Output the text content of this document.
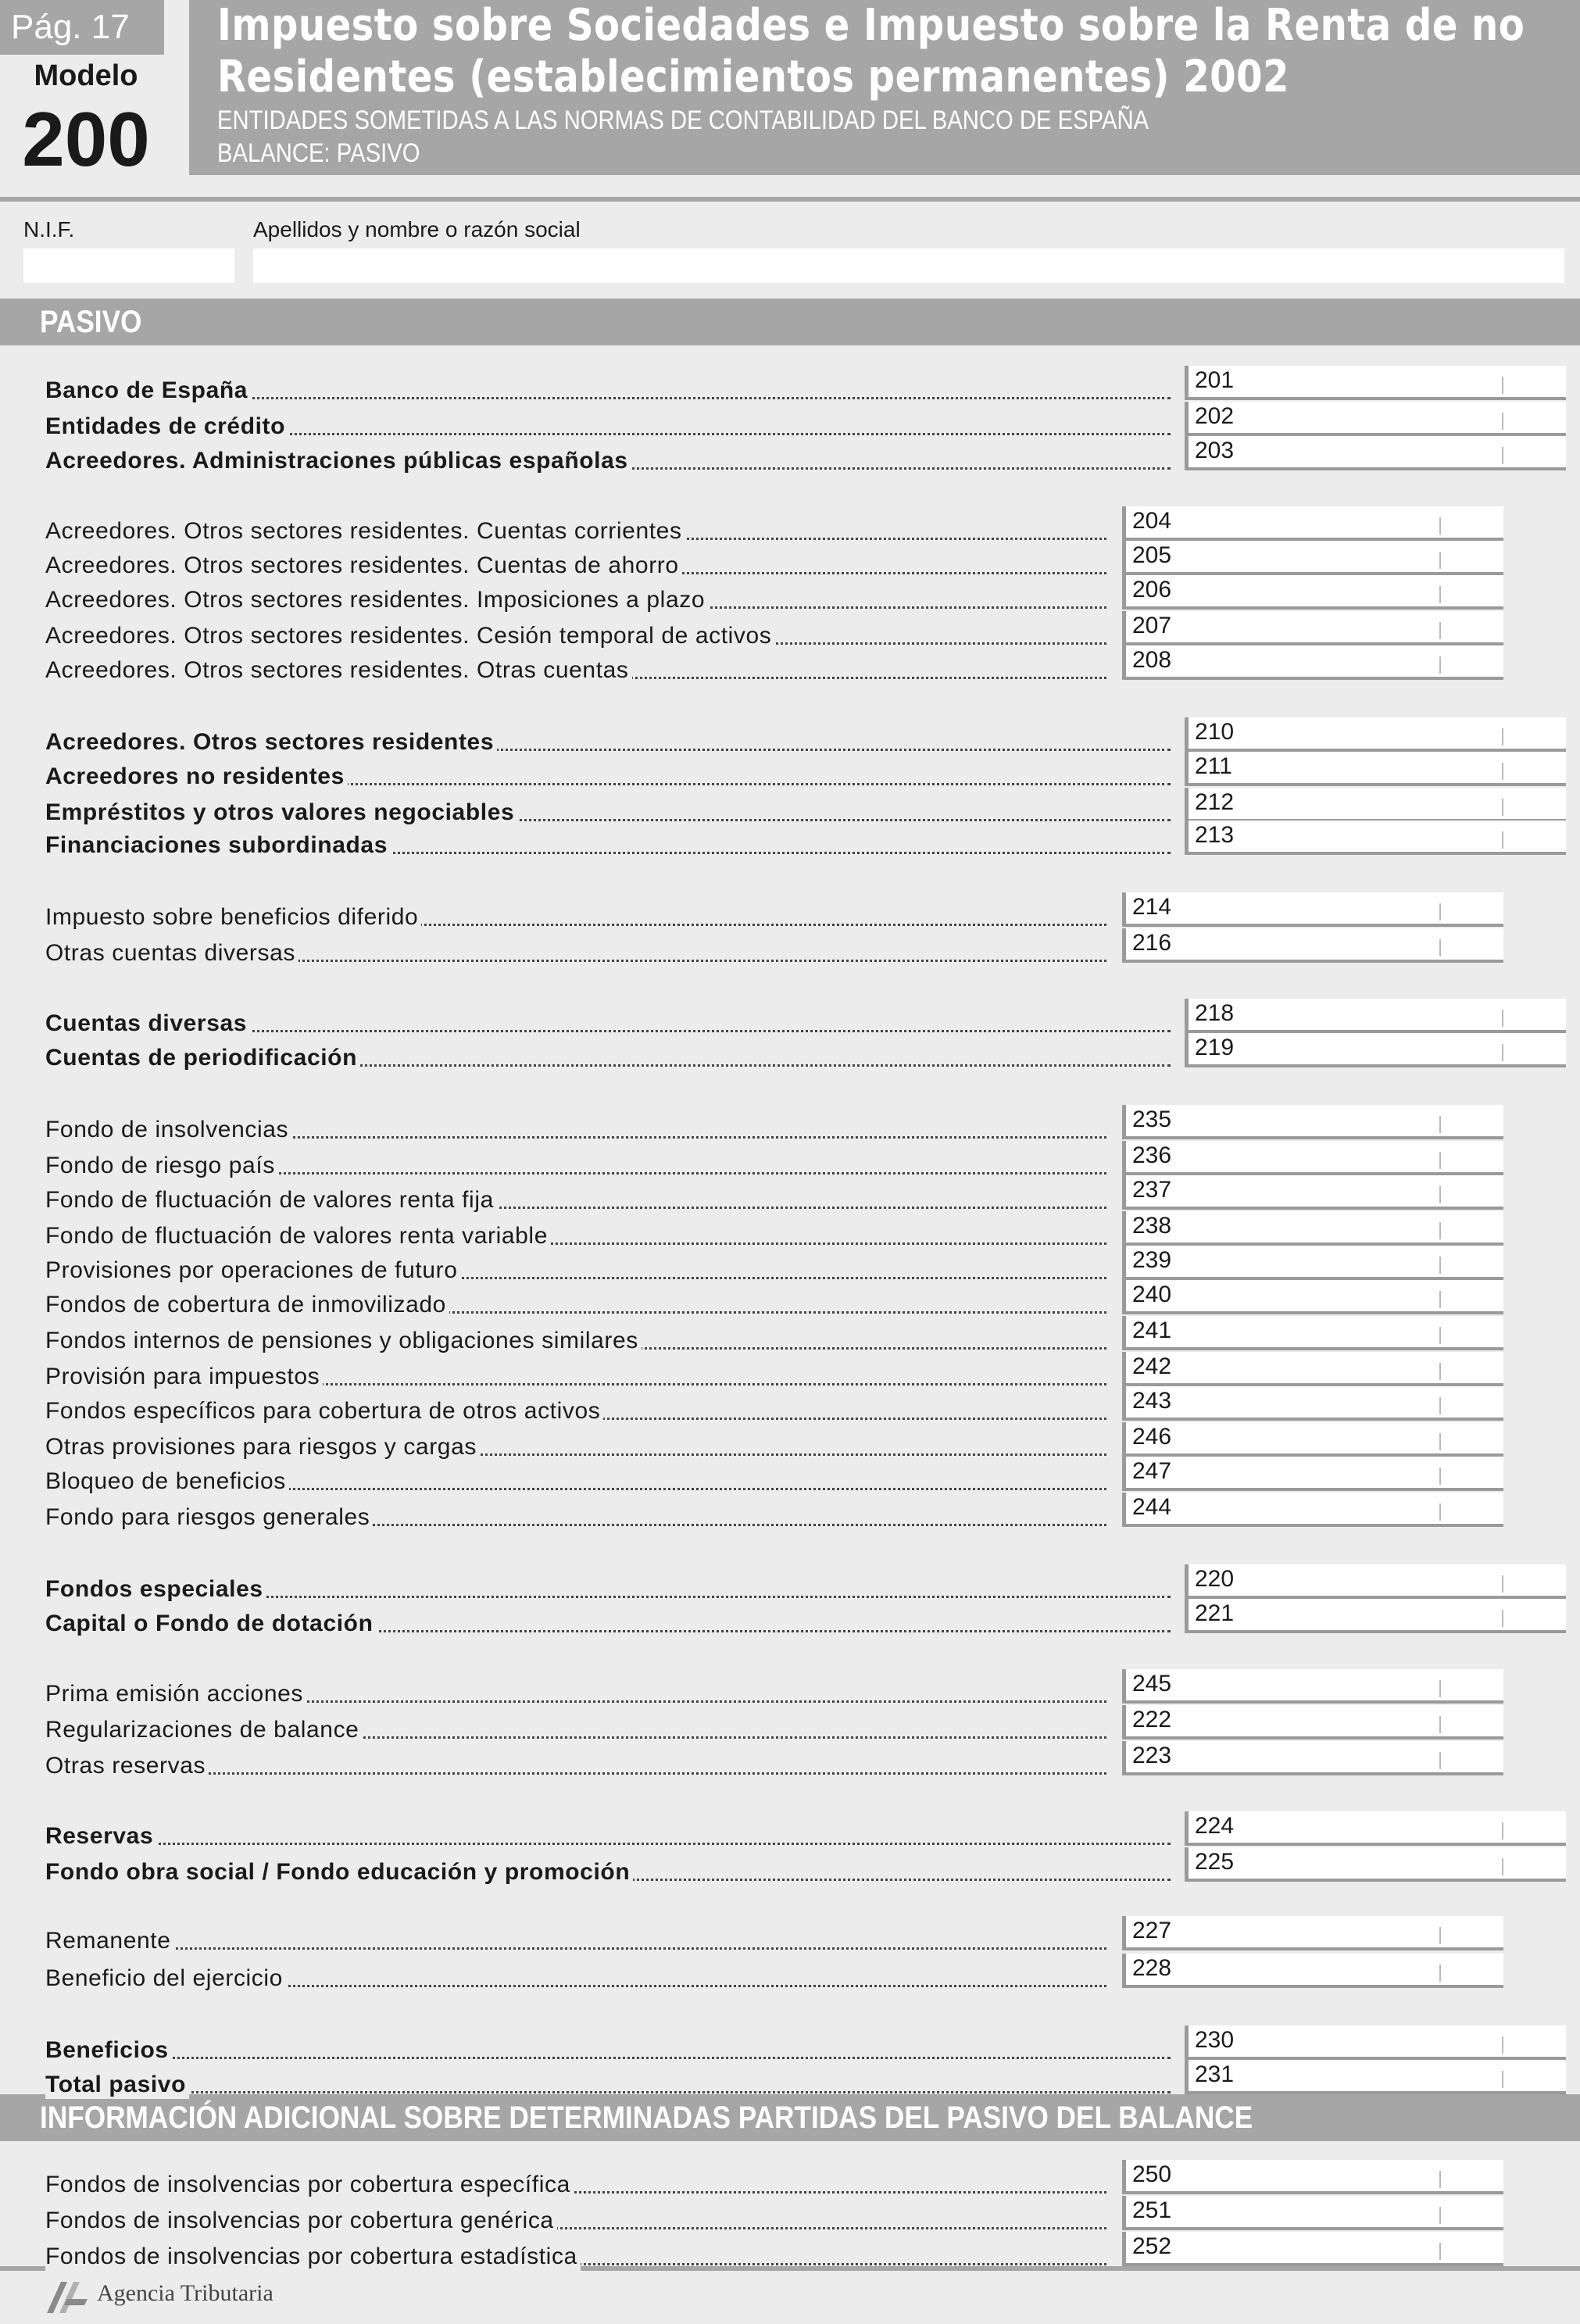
Pág. 17
Modelo
200
Impuesto sobre Sociedades e Impuesto sobre la Renta de no
Residentes (establecimientos permanentes) 2002
ENTIDADES SOMETIDAS A LAS NORMAS DE CONTABILIDAD DEL BANCO DE ESPAÑA
BALANCE: PASIVO
N.I.F.	Apellidos y nombre o razón social
PASIVO
Banco de España	201
Entidades de crédito	202
Acreedores. Administraciones públicas españolas	203
Acreedores. Otros sectores residentes. Cuentas corrientes	204
Acreedores. Otros sectores residentes. Cuentas de ahorro	205
Acreedores. Otros sectores residentes. Imposiciones a plazo	206
Acreedores. Otros sectores residentes. Cesión temporal de activos	207
Acreedores. Otros sectores residentes. Otras cuentas	208
Acreedores. Otros sectores residentes	210
Acreedores no residentes	211
Empréstitos y otros valores negociables	212
Financiaciones subordinadas	213
Impuesto sobre beneficios diferido	214
Otras cuentas diversas	216
Cuentas diversas	218
Cuentas de periodificación	219
Fondo de insolvencias	235
Fondo de riesgo país	236
Fondo de fluctuación de valores renta fija	237
Fondo de fluctuación de valores renta variable	238
Provisiones por operaciones de futuro	239
Fondos de cobertura de inmovilizado	240
Fondos internos de pensiones y obligaciones similares	241
Provisión para impuestos	242
Fondos específicos para cobertura de otros activos	243
Otras provisiones para riesgos y cargas	246
Bloqueo de beneficios	247
Fondo para riesgos generales	244
Fondos especiales	220
Capital o Fondo de dotación	221
Prima emisión acciones	245
Regularizaciones de balance	222
Otras reservas	223
Reservas	224
Fondo obra social / Fondo educación y promoción	225
Remanente	227
Beneficio del ejercicio	228
Beneficios	230
Total pasivo	231
INFORMACIÓN ADICIONAL SOBRE DETERMINADAS PARTIDAS DEL PASIVO DEL BALANCE
Fondos de insolvencias por cobertura específica	250
Fondos de insolvencias por cobertura genérica	251
Fondos de insolvencias por cobertura estadística	252
Agencia Tributaria
